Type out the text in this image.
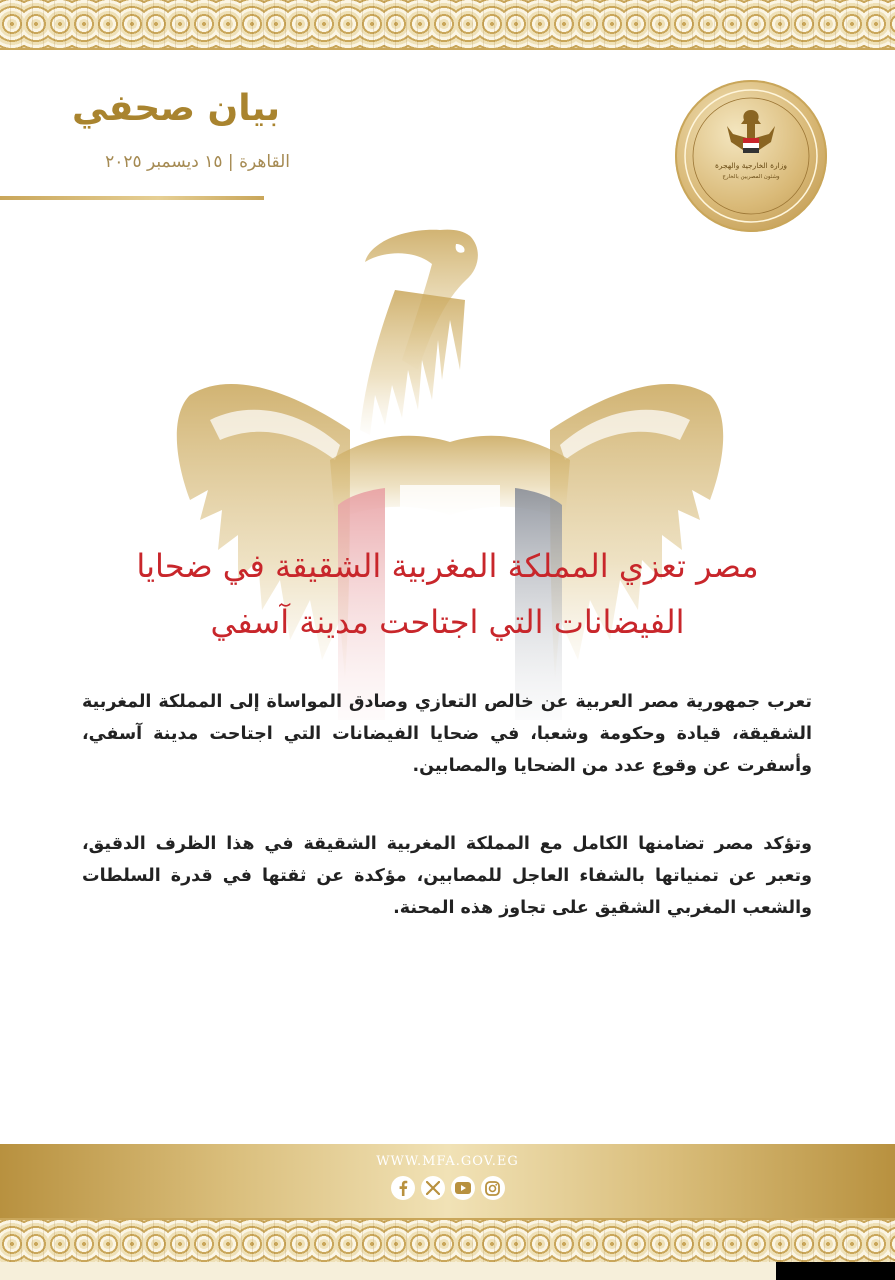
وزارة الخارجية والهجرة
وشئون المصريين بالخارج
بيان صحفي
القاهرة | ١٥ ديسمبر ٢٠٢٥
مصر تعزي المملكة المغربية الشقيقة في ضحايا
الفيضانات التي اجتاحت مدينة آسفي
تعرب جمهورية مصر العربية عن خالص التعازي وصادق المواساة إلى المملكة المغربية الشقيقة، قيادة وحكومة وشعبا، في ضحايا الفيضانات التي اجتاحت مدينة آسفي، وأسفرت عن وقوع عدد من الضحايا والمصابين.
وتؤكد مصر تضامنها الكامل مع المملكة المغربية الشقيقة في هذا الظرف الدقيق، وتعبر عن تمنياتها بالشفاء العاجل للمصابين، مؤكدة عن ثقتها في قدرة السلطات والشعب المغربي الشقيق على تجاوز هذه المحنة.
WWW.MFA.GOV.EG
